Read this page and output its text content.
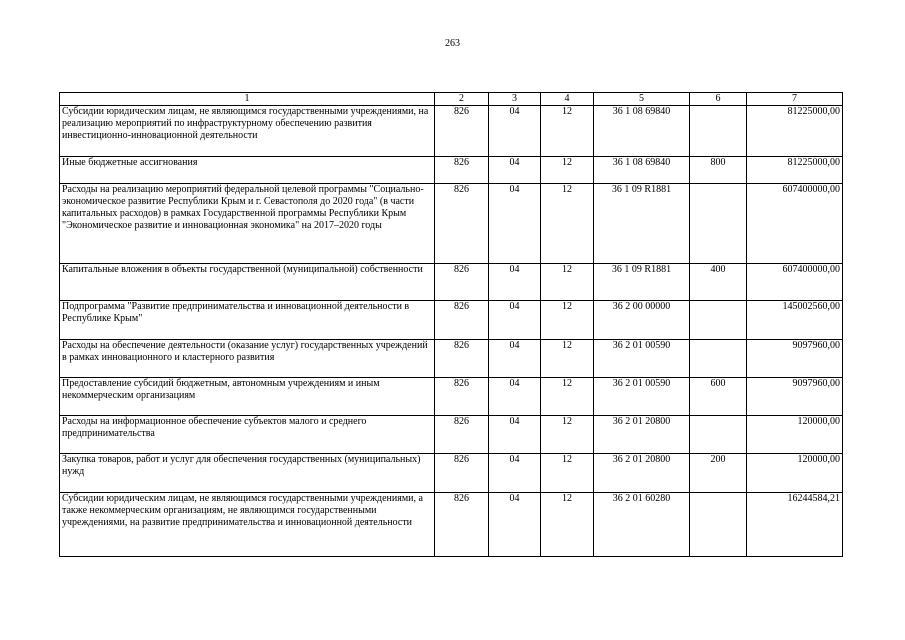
263
1	2	3	4	5	6	7
Субсидии юридическим лицам, не являющимся государственными учреждениями, на реализацию мероприятий по инфраструктурному обеспечению развития инвестиционно-инновационной деятельности	826	04	12	36 1 08 69840		81225000,00
Иные бюджетные ассигнования	826	04	12	36 1 08 69840	800	81225000,00
Расходы на реализацию мероприятий федеральной целевой программы "Социально-экономическое развитие Республики Крым и г. Севастополя до 2020 года" (в части капитальных расходов) в рамках Государственной программы Республики Крым "Экономическое развитие и инновационная экономика" на 2017–2020 годы	826	04	12	36 1 09 R1881		607400000,00
Капитальные вложения в объекты государственной (муниципальной) собственности	826	04	12	36 1 09 R1881	400	607400000,00
Подпрограмма "Развитие предпринимательства и инновационной деятельности в Республике Крым"	826	04	12	36 2 00 00000		145002560,00
Расходы на обеспечение деятельности (оказание услуг) государственных учреждений в рамках инновационного и кластерного развития	826	04	12	36 2 01 00590		9097960,00
Предоставление субсидий бюджетным, автономным учреждениям и иным некоммерческим организациям	826	04	12	36 2 01 00590	600	9097960,00
Расходы на информационное обеспечение субъектов малого и среднего предпринимательства	826	04	12	36 2 01 20800		120000,00
Закупка товаров, работ и услуг для обеспечения государственных (муниципальных) нужд	826	04	12	36 2 01 20800	200	120000,00
Субсидии юридическим лицам, не являющимся государственными учреждениями, а также некоммерческим организациям, не являющимся государственными учреждениями, на развитие предпринимательства и инновационной деятельности	826	04	12	36 2 01 60280		16244584,21
